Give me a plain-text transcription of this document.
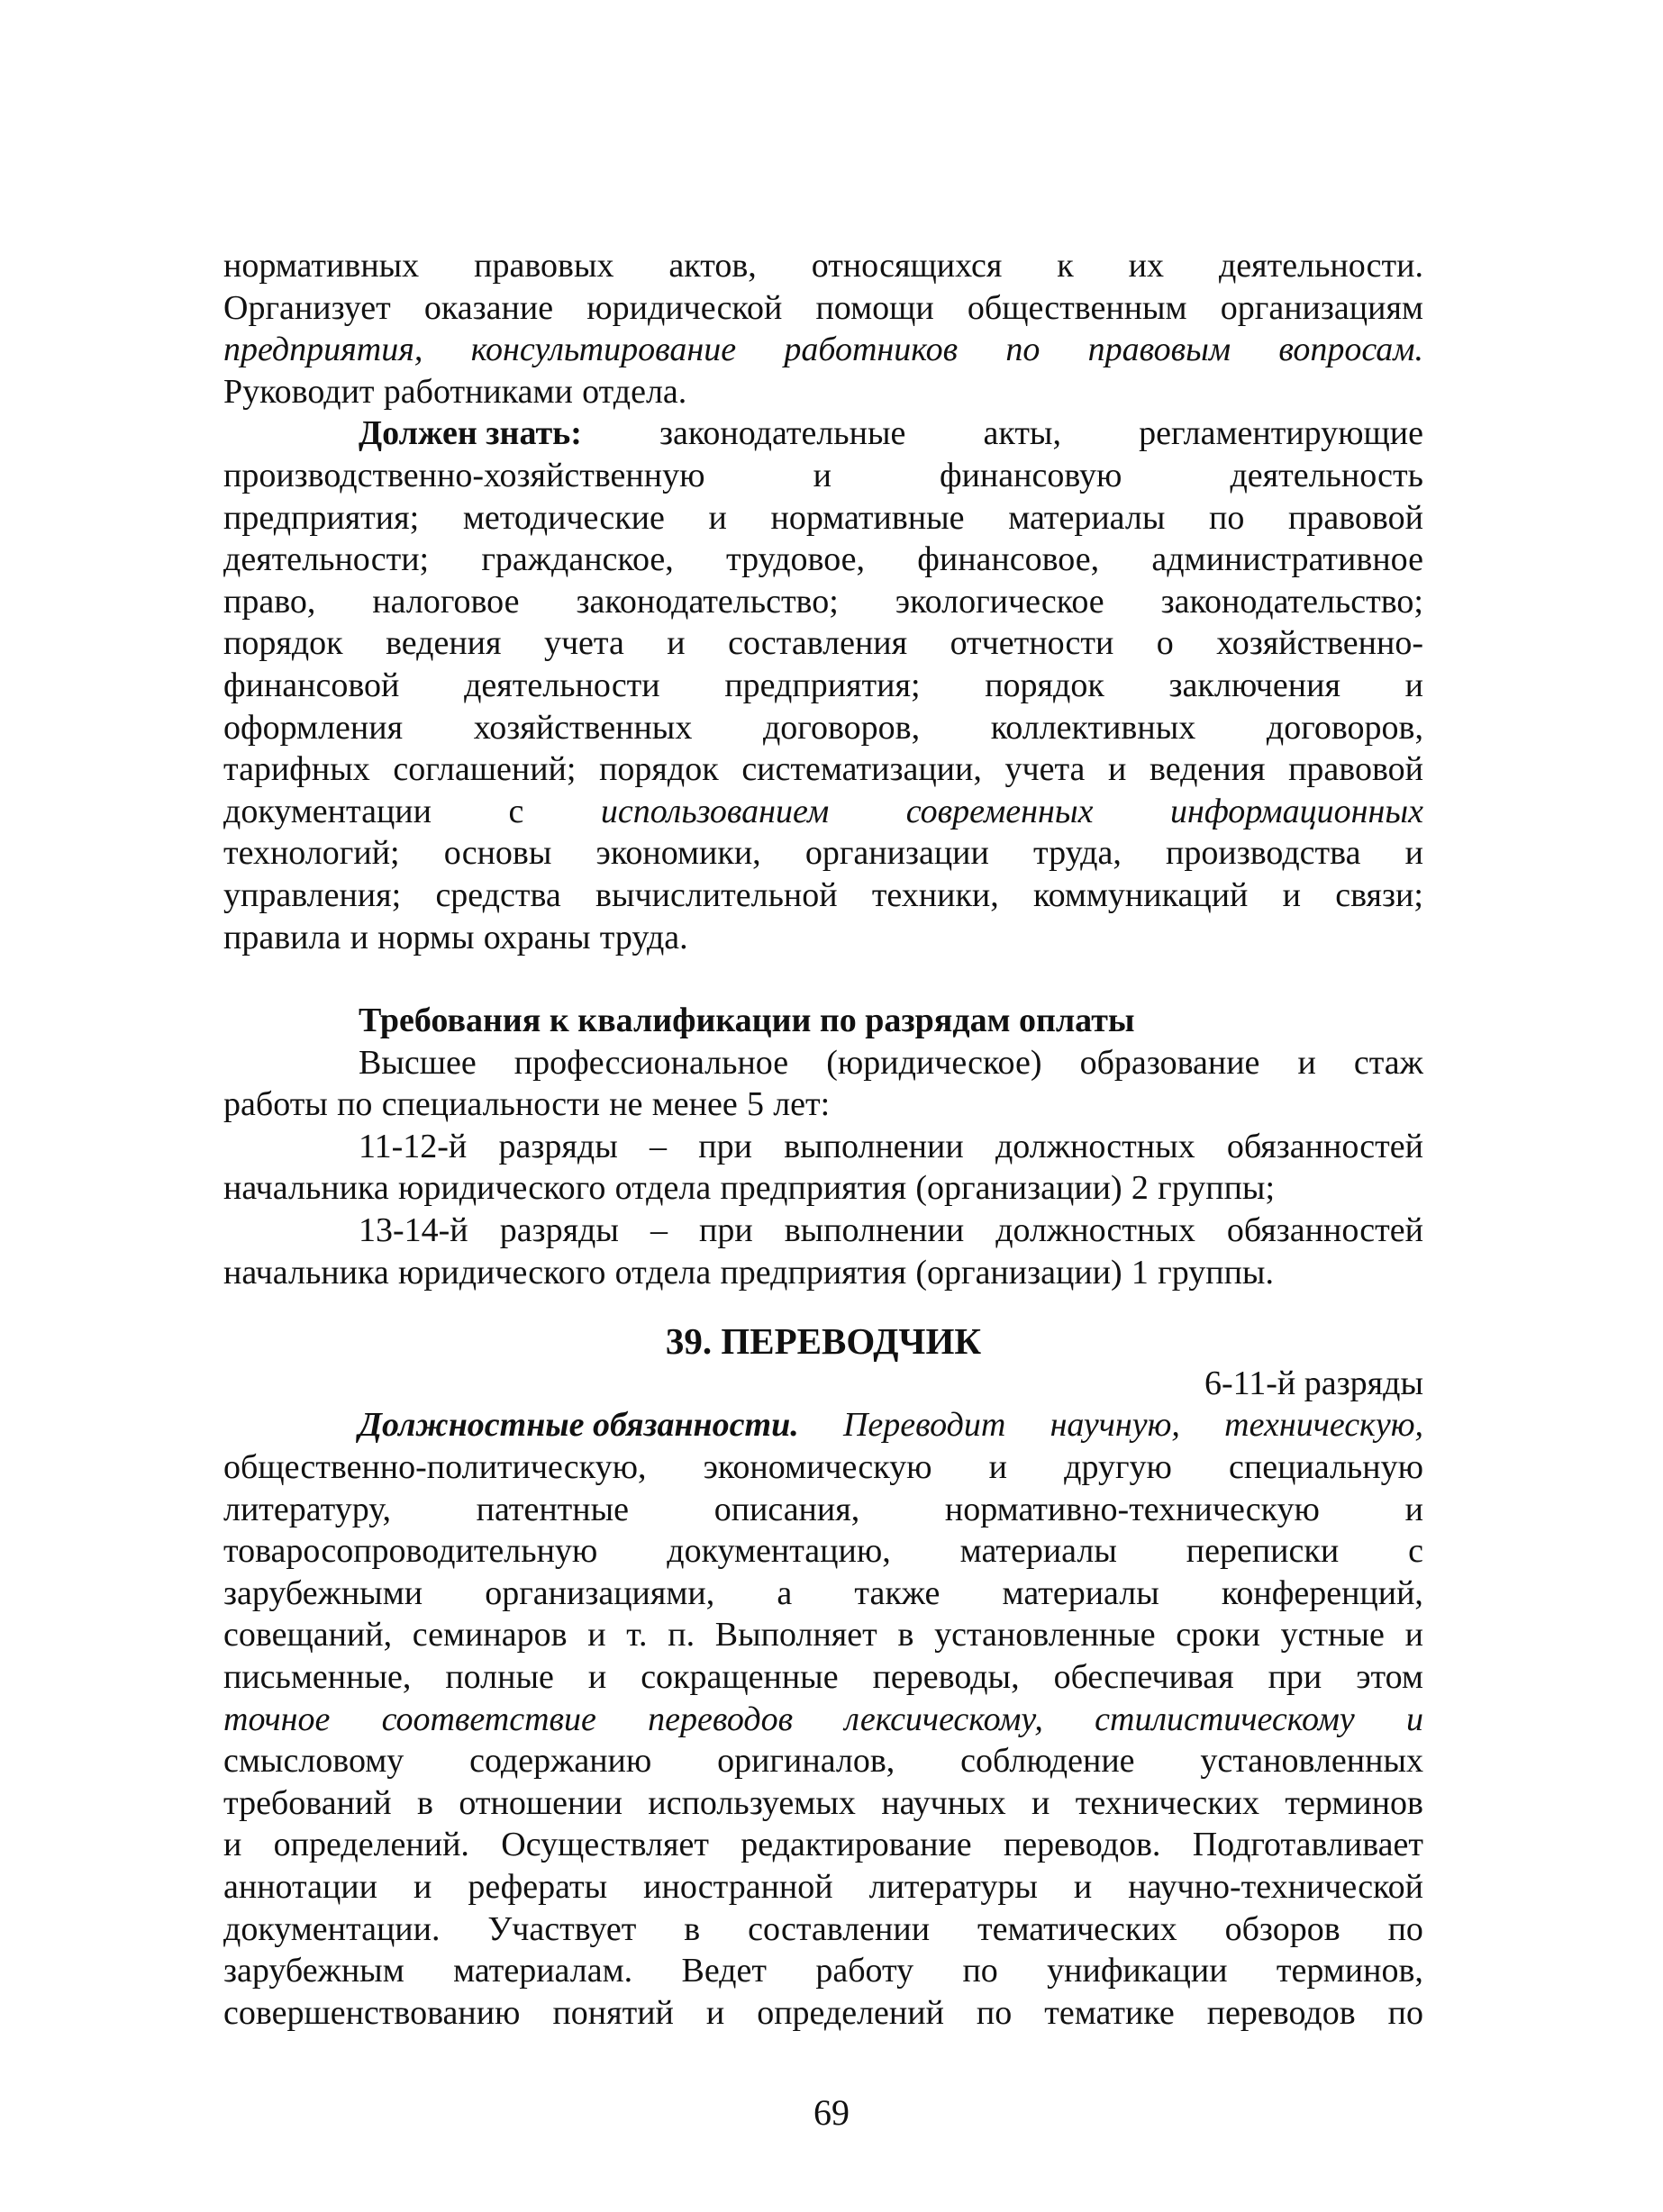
нормативных правовых актов, относящихся к их деятельности.
Организует оказание юридической помощи общественным организациям
предприятия, консультирование работников по правовым вопросам.
Руководит работниками отдела.
Должен знать: законодательные акты, регламентирующие
производственно-хозяйственную	и	финансовую	деятельность
предприятия; методические и нормативные материалы по правовой
деятельности; гражданское, трудовое, финансовое, административное
право, налоговое законодательство; экологическое законодательство;
порядок ведения учета и составления отчетности о хозяйственно-
финансовой деятельности предприятия; порядок заключения и
оформления хозяйственных договоров, коллективных договоров,
тарифных соглашений; порядок систематизации, учета и ведения правовой
документации с использованием современных информационных
технологий; основы экономики, организации труда, производства и
управления; средства вычислительной техники, коммуникаций и связи;
правила и нормы охраны труда.
Требования к квалификации по разрядам оплаты
Высшее профессиональное (юридическое) образование и стаж
работы по специальности не менее 5 лет:
11-12-й разряды – при выполнении должностных обязанностей
начальника юридического отдела предприятия (организации) 2 группы;
13-14-й разряды – при выполнении должностных обязанностей
начальника юридического отдела предприятия (организации) 1 группы.
39. ПЕРЕВОДЧИК
6-11-й разряды
Должностные обязанности. Переводит научную, техническую,
общественно-политическую, экономическую и другую специальную
литературу, патентные описания, нормативно-техническую и
товаросопроводительную документацию, материалы переписки с
зарубежными организациями, а также материалы конференций,
совещаний, семинаров и т. п. Выполняет в установленные сроки устные и
письменные, полные и сокращенные переводы, обеспечивая при этом
точное соответствие переводов лексическому, стилистическому и
смысловому содержанию оригиналов, соблюдение установленных
требований в отношении используемых научных и технических терминов
и определений. Осуществляет редактирование переводов. Подготавливает
аннотации и рефераты иностранной литературы и научно-технической
документации. Участвует в составлении тематических обзоров по
зарубежным материалам. Ведет работу по унификации терминов,
совершенствованию понятий и определений по тематике переводов по
69
